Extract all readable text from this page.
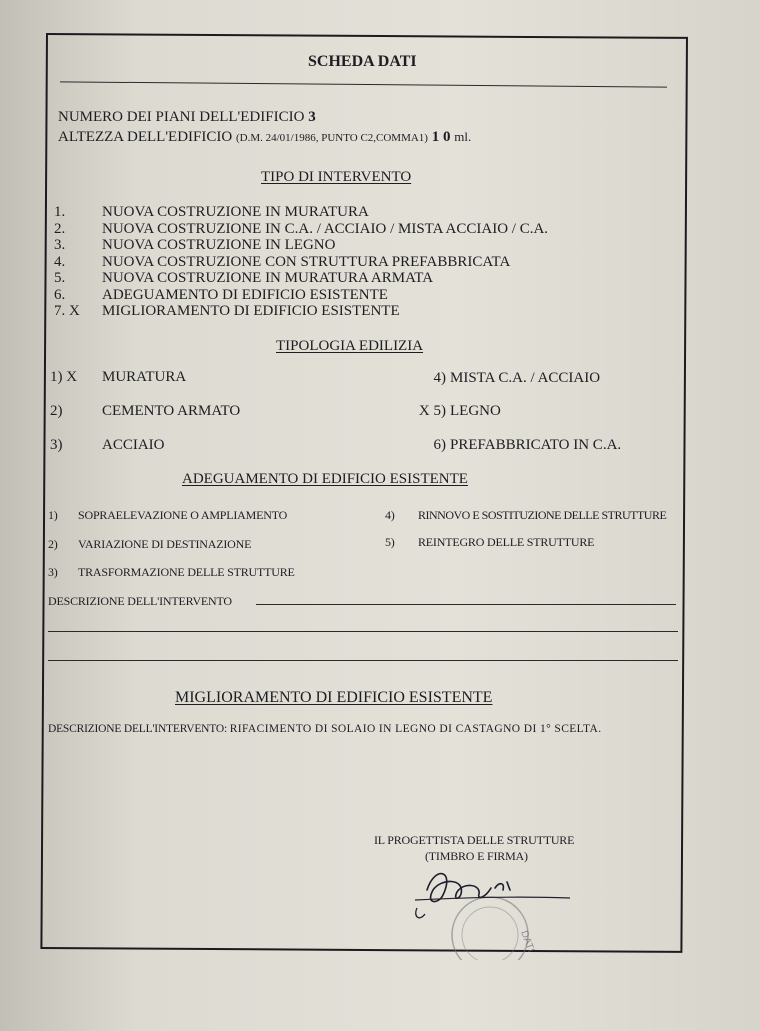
SCHEDA DATI
NUMERO DEI PIANI DELL'EDIFICIO 3
ALTEZZA DELL'EDIFICIO (D.M. 24/01/1986, PUNTO C2,COMMA1) 1 0 ml.
TIPO DI INTERVENTO
1. NUOVA COSTRUZIONE IN MURATURA
2. NUOVA COSTRUZIONE IN C.A. / ACCIAIO / MISTA ACCIAIO / C.A.
3. NUOVA COSTRUZIONE IN LEGNO
4. NUOVA COSTRUZIONE CON STRUTTURA PREFABBRICATA
5. NUOVA COSTRUZIONE IN MURATURA ARMATA
6. ADEGUAMENTO DI EDIFICIO ESISTENTE
7. X MIGLIORAMENTO DI EDIFICIO ESISTENTE
TIPOLOGIA EDILIZIA
1) X MURATURA
2)	CEMENTO ARMATO
3)	ACCIAIO
4) MISTA C.A. / ACCIAIO
X 5) LEGNO
6) PREFABBRICATO IN C.A.
ADEGUAMENTO DI EDIFICIO ESISTENTE
1) SOPRAELEVAZIONE O AMPLIAMENTO
2) VARIAZIONE DI DESTINAZIONE
3) TRASFORMAZIONE DELLE STRUTTURE
4) RINNOVO E SOSTITUZIONE DELLE STRUTTURE
5) REINTEGRO DELLE STRUTTURE
DESCRIZIONE DELL'INTERVENTO
MIGLIORAMENTO DI EDIFICIO ESISTENTE
DESCRIZIONE DELL'INTERVENTO: RIFACIMENTO DI SOLAIO IN LEGNO DI CASTAGNO DI 1° SCELTA.
IL PROGETTISTA DELLE STRUTTURE
(TIMBRO E FIRMA)
DATI
